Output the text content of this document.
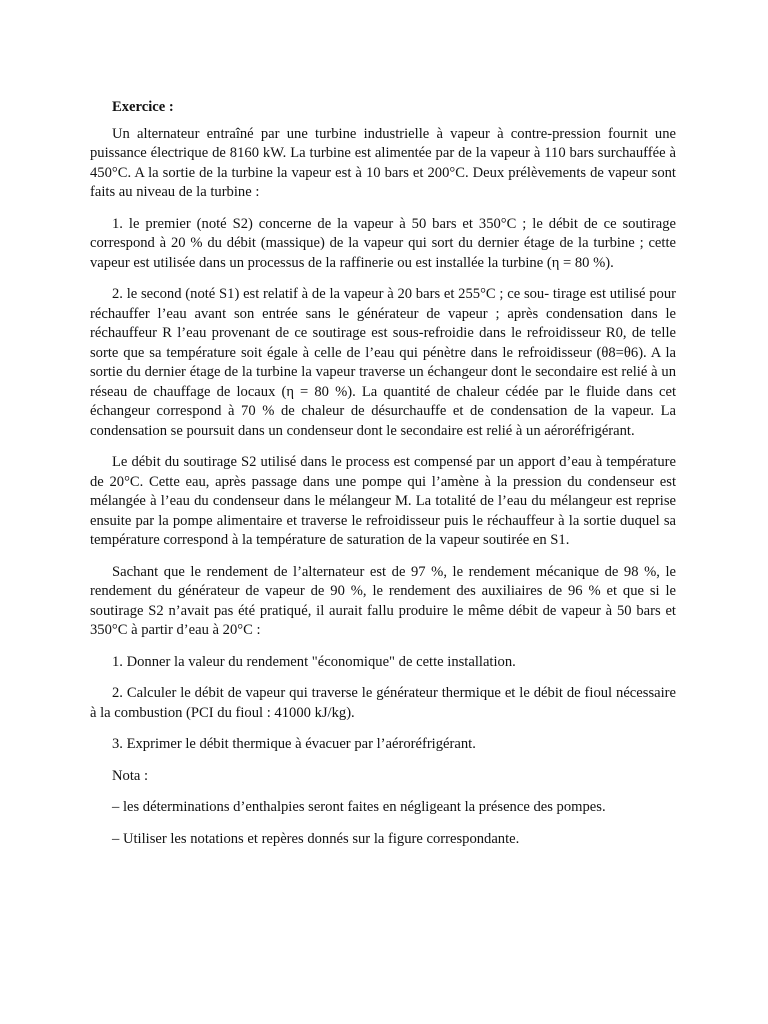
Exercice :
Un alternateur entraîné par une turbine industrielle à vapeur à contre-pression fournit une puissance électrique de 8160 kW. La turbine est alimentée par de la vapeur à 110 bars surchauffée à 450°C. A la sortie de la turbine la vapeur est à 10 bars et 200°C. Deux prélèvements de vapeur sont faits au niveau de la turbine :
1. le premier (noté S2) concerne de la vapeur à 50 bars et 350°C ; le débit de ce soutirage correspond à 20 % du débit (massique) de la vapeur qui sort du dernier étage de la turbine ; cette vapeur est utilisée dans un processus de la raffinerie ou est installée la turbine (η = 80 %).
2. le second (noté S1) est relatif à de la vapeur à 20 bars et 255°C ; ce sou- tirage est utilisé pour réchauffer l’eau avant son entrée sans le générateur de vapeur ; après condensation dans le réchauffeur R l’eau provenant de ce soutirage est sous-refroidie dans le refroidisseur R0, de telle sorte que sa température soit égale à celle de l’eau qui pénètre dans le refroidisseur (θ8=θ6). A la sortie du dernier étage de la turbine la vapeur traverse un échangeur dont le secondaire est relié à un réseau de chauffage de locaux (η = 80 %). La quantité de chaleur cédée par le fluide dans cet échangeur correspond à 70 % de chaleur de désurchauffe et de condensation de la vapeur. La condensation se poursuit dans un condenseur dont le secondaire est relié à un aéroréfrigérant.
Le débit du soutirage S2 utilisé dans le process est compensé par un apport d’eau à température de 20°C. Cette eau, après passage dans une pompe qui l’amène à la pression du condenseur est mélangée à l’eau du condenseur dans le mélangeur M. La totalité de l’eau du mélangeur est reprise ensuite par la pompe alimentaire et traverse le refroidisseur puis le réchauffeur à la sortie duquel sa température correspond à la température de saturation de la vapeur soutirée en S1.
Sachant que le rendement de l’alternateur est de 97 %, le rendement mécanique de 98 %, le rendement du générateur de vapeur de 90 %, le rendement des auxiliaires de 96 % et que si le soutirage S2 n’avait pas été pratiqué, il aurait fallu produire le même débit de vapeur à 50 bars et 350°C à partir d’eau à 20°C :
1. Donner la valeur du rendement "économique" de cette installation.
2. Calculer le débit de vapeur qui traverse le générateur thermique et le débit de fioul nécessaire à la combustion (PCI du fioul : 41000 kJ/kg).
3. Exprimer le débit thermique à évacuer par l’aéroréfrigérant.
Nota :
– les déterminations d’enthalpies seront faites en négligeant la présence des pompes.
– Utiliser les notations et repères donnés sur la figure correspondante.
